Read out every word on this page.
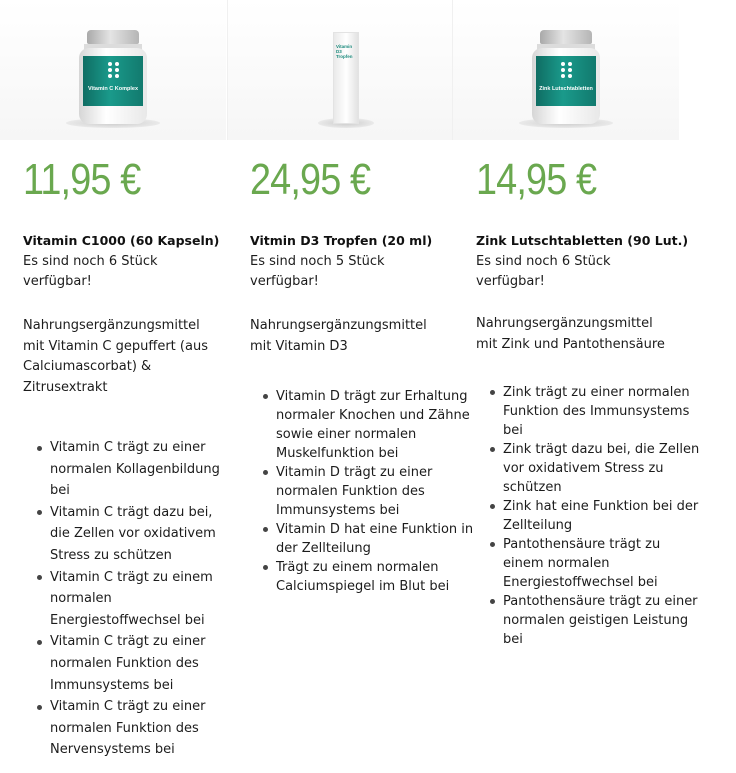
Vitamin C Komplex
11,95 €
Vitamin C1000 (60 Kapseln)
Es sind noch 6 Stück verfügbar!
Nahrungsergänzungsmittel mit Vitamin C gepuffert (aus Calciumascorbat) & Zitrusextrakt
Vitamin C trägt zu einer normalen Kollagenbildung bei
Vitamin C trägt dazu bei, die Zellen vor oxidativem Stress zu schützen
Vitamin C trägt zu einem normalen Energiestoffwechsel bei
Vitamin C trägt zu einer normalen Funktion des Immunsystems bei
Vitamin C trägt zu einer normalen Funktion des Nervensystems bei
Vitamin D3 Tropfen
24,95 €
Vitmin D3 Tropfen (20 ml)
Es sind noch 5 Stück verfügbar!
Nahrungsergänzungsmittel mit Vitamin D3
Vitamin D trägt zur Erhaltung normaler Knochen und Zähne sowie einer normalen Muskelfunktion bei
Vitamin D trägt zu einer normalen Funktion des Immunsystems bei
Vitamin D hat eine Funktion in der Zellteilung
Trägt zu einem normalen Calciumspiegel im Blut bei
Zink Lutschtabletten
14,95 €
Zink Lutschtabletten (90 Lut.)
Es sind noch 6 Stück verfügbar!
Nahrungsergänzungsmittel mit Zink und Pantothensäure
Zink trägt zu einer normalen Funktion des Immunsystems bei
Zink trägt dazu bei, die Zellen vor oxidativem Stress zu schützen
Zink hat eine Funktion bei der Zellteilung
Pantothensäure trägt zu einem normalen Energiestoffwechsel bei
Pantothensäure trägt zu einer normalen geistigen Leistung bei
